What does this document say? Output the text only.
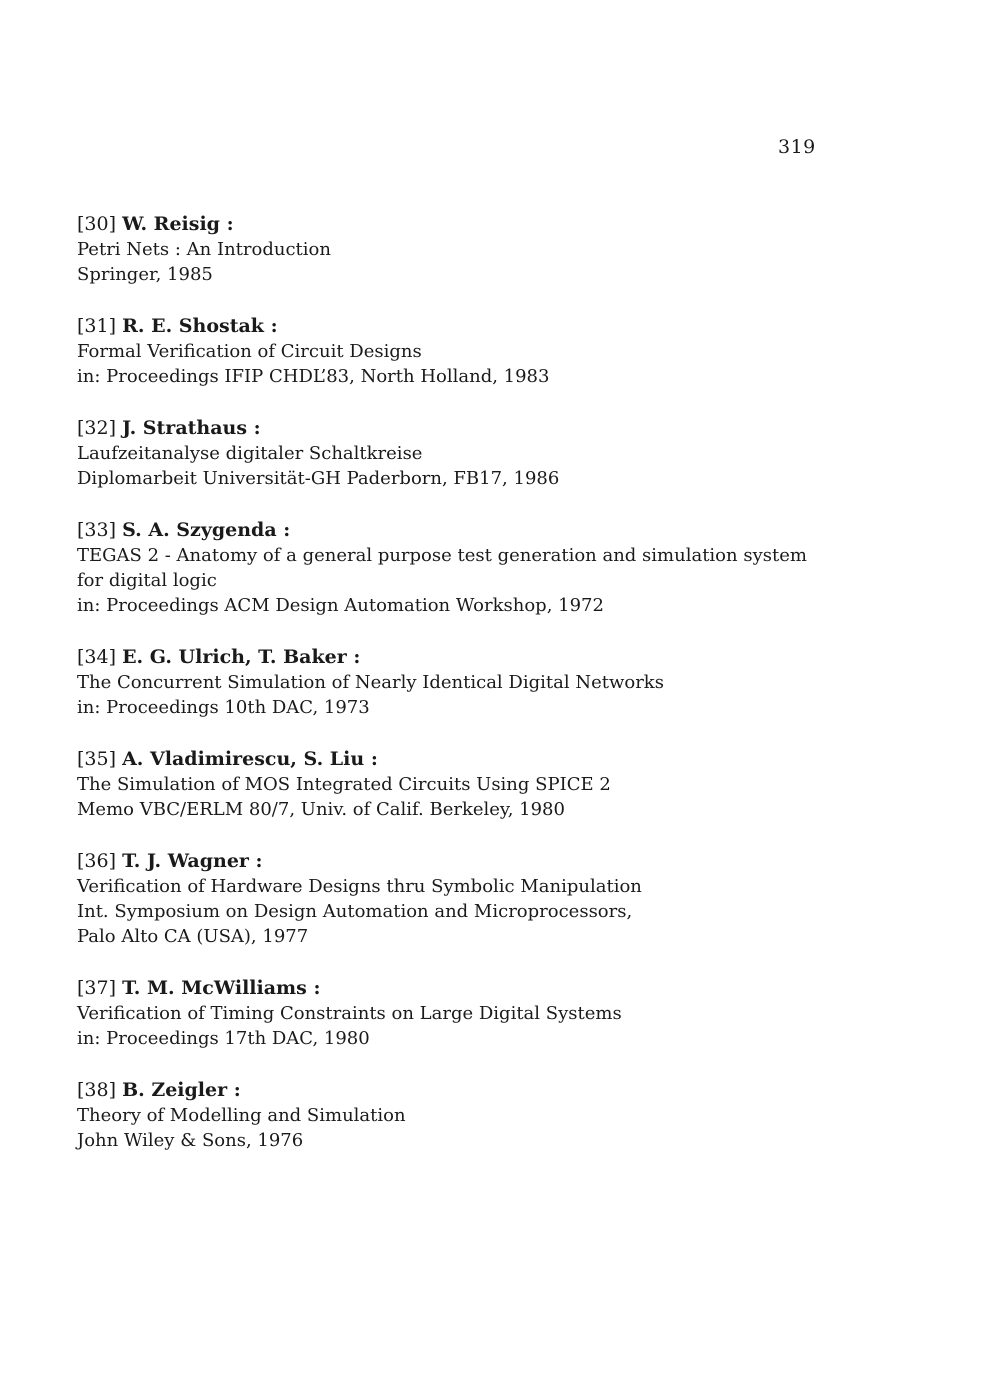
319
[30] W. Reisig :
Petri Nets : An Introduction
Springer, 1985
[31] R. E. Shostak :
Formal Verification of Circuit Designs
in: Proceedings IFIP CHDL’83, North Holland, 1983
[32] J. Strathaus :
Laufzeitanalyse digitaler Schaltkreise
Diplomarbeit Universität-GH Paderborn, FB17, 1986
[33] S. A. Szygenda :
TEGAS 2 - Anatomy of a general purpose test generation and simulation system
for digital logic
in: Proceedings ACM Design Automation Workshop, 1972
[34] E. G. Ulrich, T. Baker :
The Concurrent Simulation of Nearly Identical Digital Networks
in: Proceedings 10th DAC, 1973
[35] A. Vladimirescu, S. Liu :
The Simulation of MOS Integrated Circuits Using SPICE 2
Memo VBC/ERLM 80/7, Univ. of Calif. Berkeley, 1980
[36] T. J. Wagner :
Verification of Hardware Designs thru Symbolic Manipulation
Int. Symposium on Design Automation and Microprocessors,
Palo Alto CA (USA), 1977
[37] T. M. McWilliams :
Verification of Timing Constraints on Large Digital Systems
in: Proceedings 17th DAC, 1980
[38] B. Zeigler :
Theory of Modelling and Simulation
John Wiley & Sons, 1976
